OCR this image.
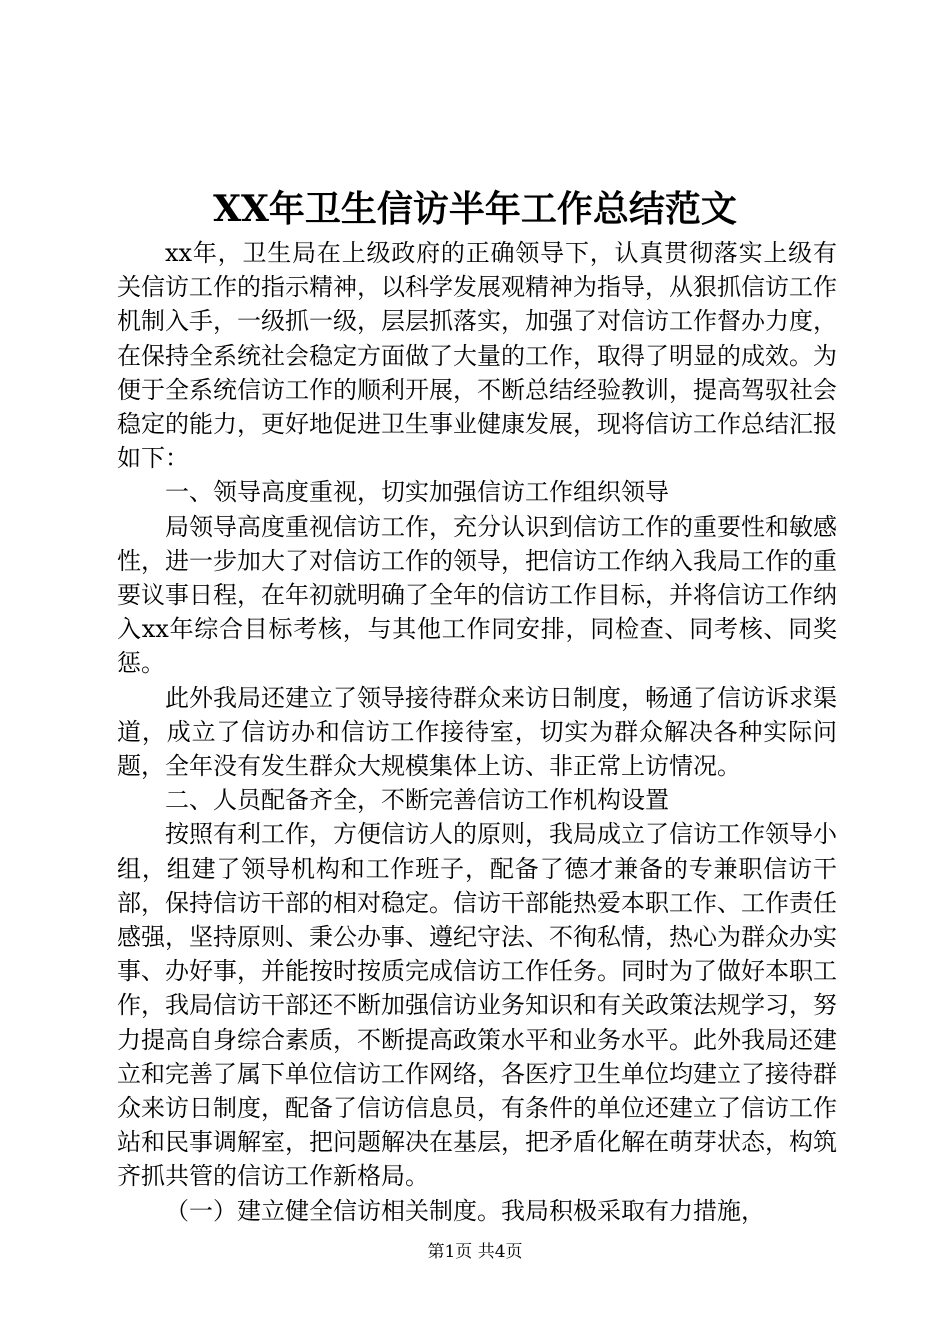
XX年卫生信访半年工作总结范文

xx年，卫生局在上级政府的正确领导下，认真贯彻落实上级有关信访工作的指示精神，以科学发展观精神为指导，从狠抓信访工作机制入手，一级抓一级，层层抓落实，加强了对信访工作督办力度，在保持全系统社会稳定方面做了大量的工作，取得了明显的成效。为便于全系统信访工作的顺利开展，不断总结经验教训，提高驾驭社会稳定的能力，更好地促进卫生事业健康发展，现将信访工作总结汇报如下：

一、领导高度重视，切实加强信访工作组织领导

局领导高度重视信访工作，充分认识到信访工作的重要性和敏感性，进一步加大了对信访工作的领导，把信访工作纳入我局工作的重要议事日程，在年初就明确了全年的信访工作目标，并将信访工作纳入xx年综合目标考核，与其他工作同安排，同检查、同考核、同奖惩。

此外我局还建立了领导接待群众来访日制度，畅通了信访诉求渠道，成立了信访办和信访工作接待室，切实为群众解决各种实际问题，全年没有发生群众大规模集体上访、非正常上访情况。

二、人员配备齐全，不断完善信访工作机构设置

按照有利工作，方便信访人的原则，我局成立了信访工作领导小组，组建了领导机构和工作班子，配备了德才兼备的专兼职信访干部，保持信访干部的相对稳定。信访干部能热爱本职工作、工作责任感强，坚持原则、秉公办事、遵纪守法、不徇私情，热心为群众办实事、办好事，并能按时按质完成信访工作任务。同时为了做好本职工作，我局信访干部还不断加强信访业务知识和有关政策法规学习，努力提高自身综合素质，不断提高政策水平和业务水平。此外我局还建立和完善了属下单位信访工作网络，各医疗卫生单位均建立了接待群众来访日制度，配备了信访信息员，有条件的单位还建立了信访工作站和民事调解室，把问题解决在基层，把矛盾化解在萌芽状态，构筑齐抓共管的信访工作新格局。

（一）建立健全信访相关制度。我局积极采取有力措施，

第1页 共4页
